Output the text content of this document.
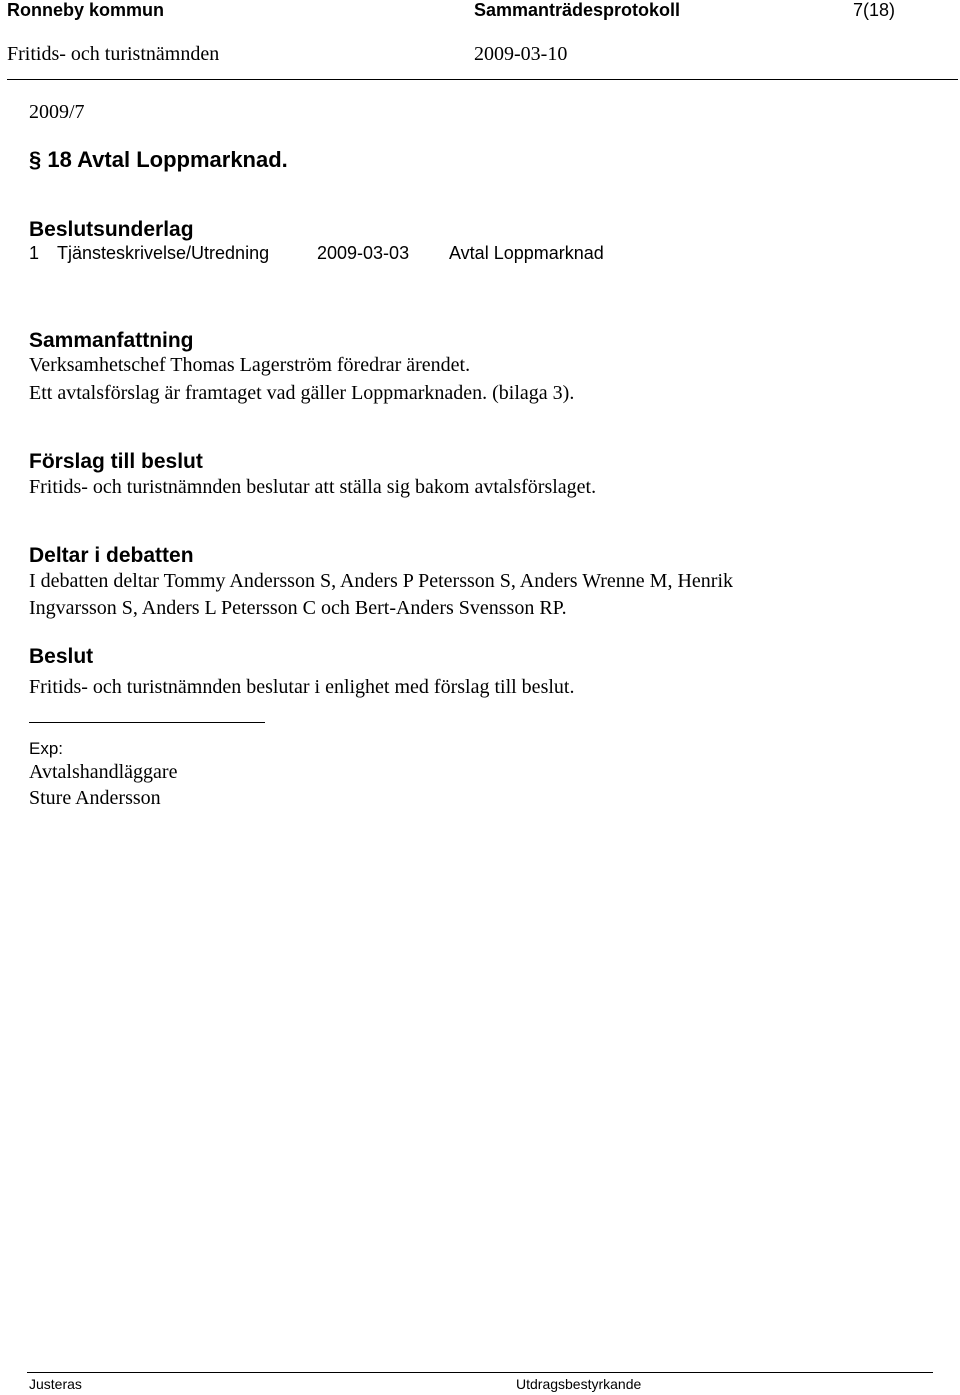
Ronneby kommun	Sammanträdesprotokoll	7(18)
Fritids- och turistnämnden	2009-03-10
2009/7
§ 18 Avtal Loppmarknad.
Beslutsunderlag
1 Tjänsteskrivelse/Utredning	2009-03-03 Avtal Loppmarknad
Sammanfattning
Verksamhetschef Thomas Lagerström föredrar ärendet.
Ett avtalsförslag är framtaget vad gäller Loppmarknaden. (bilaga 3).
Förslag till beslut
Fritids- och turistnämnden beslutar att ställa sig bakom avtalsförslaget.
Deltar i debatten
I debatten deltar Tommy Andersson S, Anders P Petersson S, Anders Wrenne M, Henrik
Ingvarsson S, Anders L Petersson C och Bert-Anders Svensson RP.
Beslut
Fritids- och turistnämnden beslutar i enlighet med förslag till beslut.
Exp:
Avtalshandläggare
Sture Andersson
Justeras	Utdragsbestyrkande
